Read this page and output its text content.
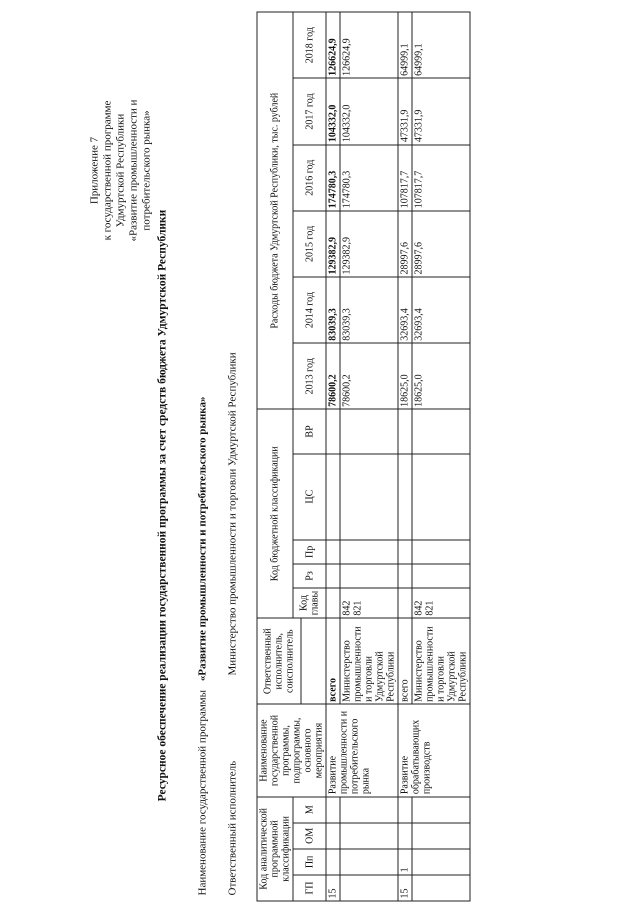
Приложение 7 к государственной программе Удмуртской Республики «Развитие промышленности и потребительского рынка»
Ресурсное обеспечение реализации государственной программы за счет средств бюджета Удмуртской Республики	Наименование государственной программы «Развитие промышленности и потребительского рынка»
Ответственный исполнитель
Министерство промышленности и торговли Удмуртской Республики
Код аналитической программной классификации				Наименование государственной программы, подпрограммы, основного мероприятия	Ответственный исполнитель, соисполнитель	Код бюджетной классификации					Расходы бюджета Удмуртской Республики, тыс. рублей					
ГП	Пп	ОМ	М			Код главы	Рз	Пр	ЦС	ВР	2013 год	2014 год	2015 год	2016 год	2017 год	2018 год

15				Развитие промышленности и потребительского рынка	всего						78600,2	83039,3	129382,9	174780,3	104332,0	126624,9
					Министерство промышленности и торговли Удмуртской Республики	842 821					78600,2	83039,3	129382,9	174780,3	104332,0	126624,9
15	1			Развитие обрабатывающих производств	всего						18625,0	32693,4	28997,6	107817,7	47331,9	64999,1
					Министерство промышленности и торговли Удмуртской Республики	842 821					18625,0	32693,4	28997,6	107817,7	47331,9	64999,1
